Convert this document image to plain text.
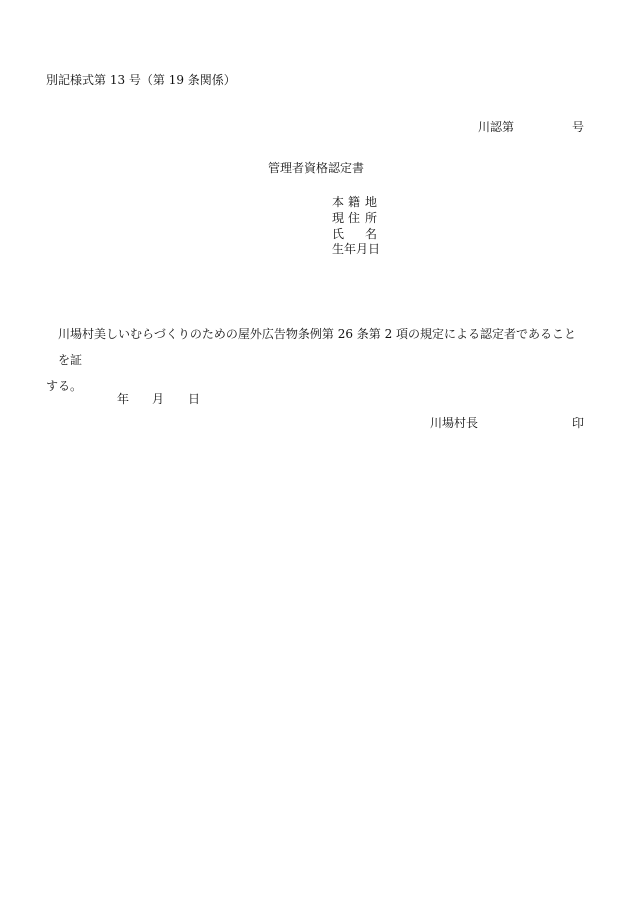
別記様式第 13 号（第 19 条関係）
川認第	号
管理者資格認定書
本 籍 地
現 住 所
氏 名
生年月日
川場村美しいむらづくりのための屋外広告物条例第 26 条第 2 項の規定による認定者であることを証
する。
年 月 日
川場村長	印
